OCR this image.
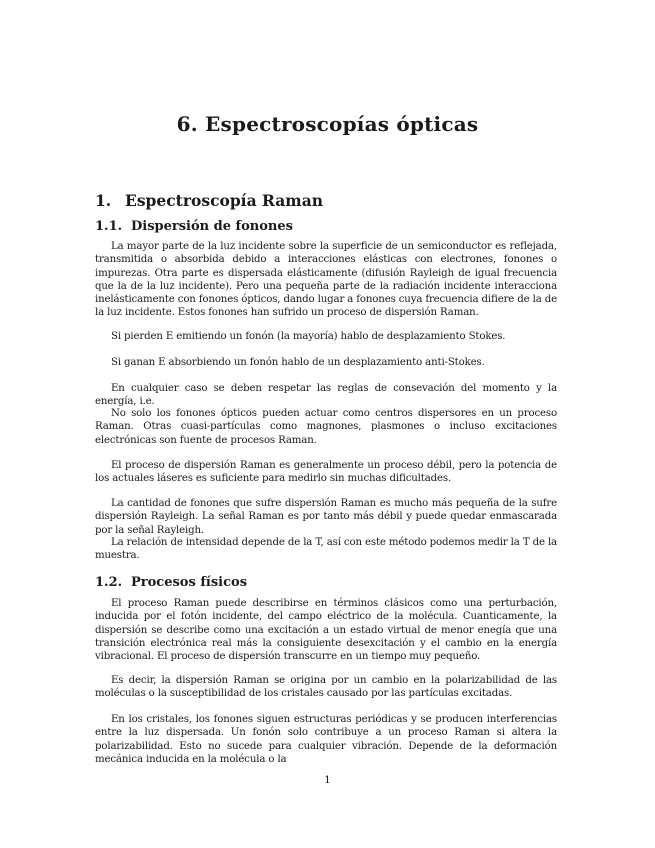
6. Espectroscopías ópticas
1. Espectroscopía Raman
1.1. Dispersión de fonones

La mayor parte de la luz incidente sobre la superficie de un semiconductor es reflejada, transmitida o absorbida debido a interacciones elásticas con electrones, fonones o impurezas. Otra parte es dispersada elásticamente (difusión Rayleigh de igual frecuencia que la de la luz incidente). Pero una pequeña parte de la radiación incidente interacciona inelásticamente con fonones ópticos, dando lugar a fonones cuya frecuencia difiere de la de la luz incidente. Estos fonones han sufrido un proceso de dispersión Raman.

Si pierden E emitiendo un fonón (la mayoría) hablo de desplazamiento Stokes.

Si ganan E absorbiendo un fonón hablo de un desplazamiento anti-Stokes.

En cualquier caso se deben respetar las reglas de consevación del momento y la energía, i.e.

No solo los fonones ópticos pueden actuar como centros dispersores en un proceso Raman. Otras cuasi-partículas como magnones, plasmones o incluso excitaciones electrónicas son fuente de procesos Raman.

El proceso de dispersión Raman es generalmente un proceso débil, pero la potencia de los actuales láseres es suficiente para medirlo sin muchas dificultades.

La cantidad de fonones que sufre dispersión Raman es mucho más pequeña de la sufre dispersión Rayleigh. La señal Raman es por tanto más débil y puede quedar enmascarada por la señal Rayleigh.

La relación de intensidad depende de la T, así con este método podemos medir la T de la muestra.

1.2. Procesos físicos

El proceso Raman puede describirse en términos clásicos como una perturbación, inducida por el fotón incidente, del campo eléctrico de la molécula. Cuanticamente, la dispersión se describe como una excitación a un estado virtual de menor enegía que una transición electrónica real más la consiguiente desexcitación y el cambio en la energía vibracional. El proceso de dispersión transcurre en un tiempo muy pequeño.

Es decir, la dispersión Raman se origina por un cambio en la polarizabilidad de las moléculas o la susceptibilidad de los cristales causado por las partículas excitadas.

En los cristales, los fonones siguen estructuras periódicas y se producen interferencias entre la luz dispersada. Un fonón solo contribuye a un proceso Raman si altera la polarizabilidad. Esto no sucede para cualquier vibración. Depende de la deformación mecánica inducida en la molécula o la

1
